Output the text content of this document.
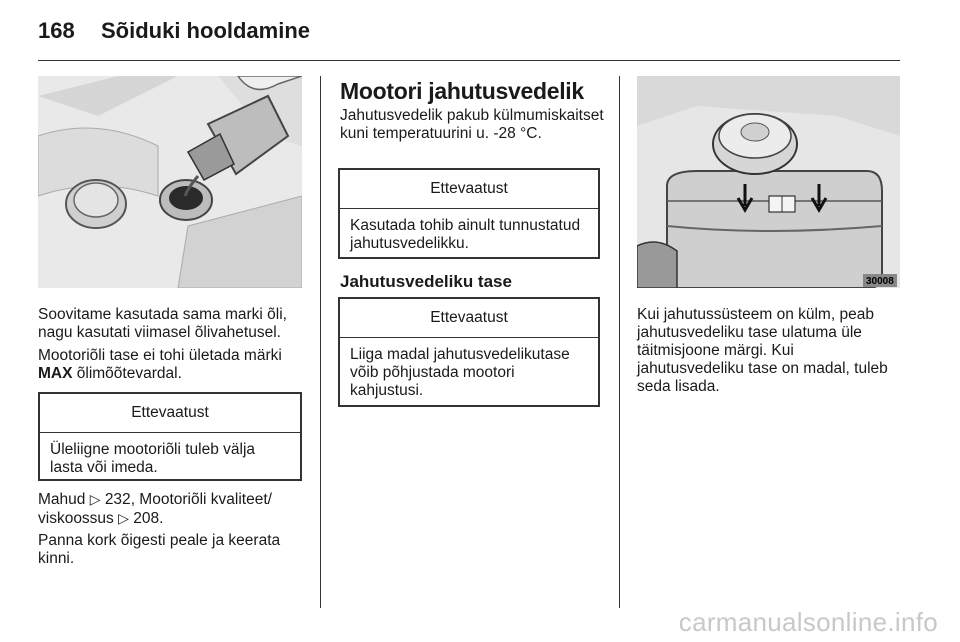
168 Sõiduki hooldamine

Soovitame kasutada sama marki õli, nagu kasutati viimasel õlivahetusel.

Mootoriõli tase ei tohi ületada märki MAX õlimõõtevardal.

Ettevaatust
Üleliigne mootoriõli tuleb välja lasta või imeda.

Mahud ▷ 232, Mootoriõli kvaliteet/ viskoossus ▷ 208.

Panna kork õigesti peale ja keerata kinni.

Mootori jahutusvedelik

Jahutusvedelik pakub külmumiskaitset kuni temperatuurini u. -28 °C.

Ettevaatust
Kasutada tohib ainult tunnustatud jahutusvedelikku.
Jahutusvedeliku tase
Ettevaatust
Liiga madal jahutusvedelikutase võib põhjustada mootori kahjustusi.
30008

Kui jahutussüsteem on külm, peab jahutusvedeliku tase ulatuma üle täitmisjoone märgi. Kui jahutusvedeliku tase on madal, tuleb seda lisada.

carmanualsonline.info
